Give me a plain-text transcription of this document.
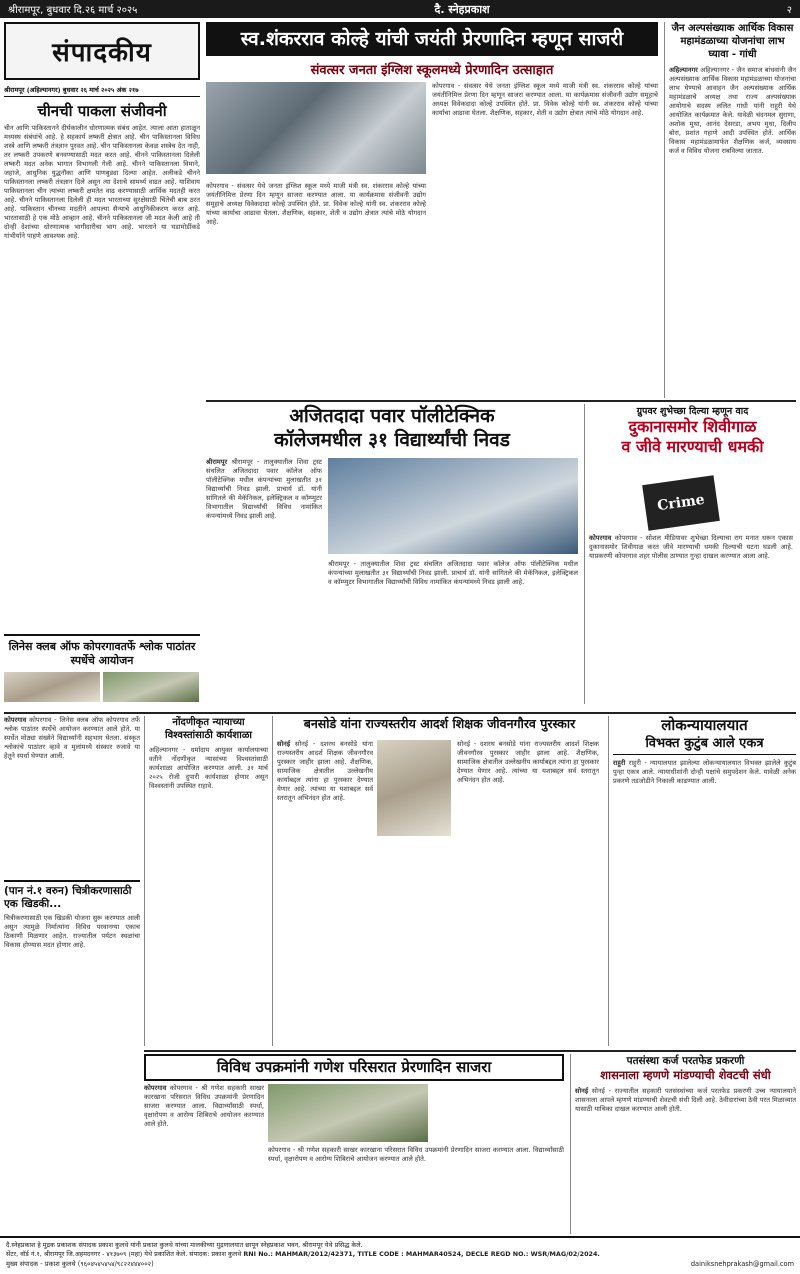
श्रीरामपूर, बुधवार दि.२६ मार्च २०२५	दै. स्नेहप्रकाश	२
संपादकीय
श्रीरामपूर (अहिल्यानगर) बुधवार २६ मार्च २०२५ अंक २१७
चीनची पाकला संजीवनी
चीन आणि पाकिस्तानने दीर्घकालीन धोरणात्मक संबंध आहेत. त्याला आता हाताळून मध्यस्थ संबंधांचे आहे. हे सहकार्य लष्करी क्षेत्रात आहे. चीन पाकिस्तानला विविध शस्त्रे आणि लष्करी तंत्रज्ञान पुरवत आहे. चीन पाकिस्तानला केवळ शस्त्रेच देत नाही, तर लष्करी उपकरणे बनवण्यासाठी मदत करत आहे. चीनने पाकिस्तानला दिलेली लष्करी मदत अनेक भागात विभागली गेली आहे. चीनने पाकिस्तानला विमाने, जहाजे, आधुनिक युद्धनौका आणि पाणबुड्या दिल्या आहेत. अलीकडे चीनने पाकिस्तानला लष्करी तंत्रज्ञान दिले असून त्या देशाचे सामर्थ्य वाढत आहे. याशिवाय पाकिस्तानला चीन त्याच्या लष्करी क्षमतेत वाढ करण्यासाठी आर्थिक मदतही करत आहे. चीनने पाकिस्तानला दिलेली ही मदत भारताच्या सुरक्षेसाठी चिंतेची बाब ठरत आहे. पाकिस्तान चीनच्या मदतीने आपल्या सैन्याचे आधुनिकीकरण करत आहे. भारतासाठी हे एक मोठे आव्हान आहे. चीनने पाकिस्तानला जी मदत केली आहे ती दोन्ही देशांच्या धोरणात्मक भागीदारीचा भाग आहे. भारताने या घडामोडींकडे गांभीर्याने पाहणे आवश्यक आहे.
लिनेस क्लब ऑफ कोपरगावतर्फे श्लोक पाठांतर स्पर्धेचे आयोजन
स्व.शंकरराव कोल्हे यांची जयंती प्रेरणादिन म्हणून साजरी
संवत्सर जनता इंग्लिश स्कूलमध्ये प्रेरणादिन उत्साहात
कोपरगाव - संवत्सर येथे जनता इंग्लिश स्कूल मध्ये माजी मंत्री स्व. शंकरराव कोल्हे यांच्या जयंतीनिमित्त प्रेरणा दिन म्हणून साजरा करण्यात आला. या कार्यक्रमास संजीवनी उद्योग समूहाचे अध्यक्ष विवेकदादा कोल्हे उपस्थित होते. प्रा. विवेक कोल्हे यांनी स्व. शंकरराव कोल्हे यांच्या कार्याचा आढावा घेतला. शैक्षणिक, सहकार, शेती व उद्योग क्षेत्रात त्यांचे मोठे योगदान आहे.
कोपरगाव - संवत्सर येथे जनता इंग्लिश स्कूल मध्ये माजी मंत्री स्व. शंकरराव कोल्हे यांच्या जयंतीनिमित्त प्रेरणा दिन म्हणून साजरा करण्यात आला. या कार्यक्रमास संजीवनी उद्योग समूहाचे अध्यक्ष विवेकदादा कोल्हे उपस्थित होते. प्रा. विवेक कोल्हे यांनी स्व. शंकरराव कोल्हे यांच्या कार्याचा आढावा घेतला. शैक्षणिक, सहकार, शेती व उद्योग क्षेत्रात त्यांचे मोठे योगदान आहे.
जैन अल्पसंख्याक आर्थिक विकास महामंडळाच्या योजनांचा लाभ घ्यावा - गांधी
अहिल्यानगर अहिल्यानगर - जैन समाज बांधवांनी जैन अल्पसंख्याक आर्थिक विकास महामंडळाच्या योजनांचा लाभ घेण्याचे आवाहन जैन अल्पसंख्याक आर्थिक महामंडळाचे अध्यक्ष तथा राज्य अल्पसंख्याक आयोगाचे सदस्य ललित गांधी यांनी राहुरी येथे आयोजित कार्यक्रमात केले. यावेळी चंदनमल सुराणा, अशोक मुथा, आनंद देसरडा, अभय मुथा, दिलीप बोरा, प्रशांत गहाणे आदी उपस्थित होते. आर्थिक विकास महामंडळामार्फत शैक्षणिक कर्ज, व्यवसाय कर्ज व विविध योजना राबविल्या जातात.
अजितदादा पवार पॉलीटेक्निक
कॉलेजमधील ३१ विद्यार्थ्यांची निवड
श्रीरामपूर श्रीरामपूर - तालुक्यातील शिवा ट्रस्ट संचलित अजितदादा पवार कॉलेज ऑफ पॉलीटेक्निक मधील कंपन्यांच्या मुलाखतीत ३१ विद्यार्थ्यांची निवड झाली. प्राचार्य डॉ. यांनी सांगितले की मेकॅनिकल, इलेक्ट्रिकल व कॉम्प्युटर विभागातील विद्यार्थ्यांची विविध नामांकित कंपन्यांमध्ये निवड झाली आहे.
श्रीरामपूर - तालुक्यातील शिवा ट्रस्ट संचलित अजितदादा पवार कॉलेज ऑफ पॉलीटेक्निक मधील कंपन्यांच्या मुलाखतीत ३१ विद्यार्थ्यांची निवड झाली. प्राचार्य डॉ. यांनी सांगितले की मेकॅनिकल, इलेक्ट्रिकल व कॉम्प्युटर विभागातील विद्यार्थ्यांची विविध नामांकित कंपन्यांमध्ये निवड झाली आहे.
ग्रुपवर शुभेच्छा दिल्या म्हणून वाद
दुकानासमोर शिवीगाळ
व जीवे मारण्याची धमकी
Crime
कोपरगाव कोपरगाव - सोशल मीडियावर शुभेच्छा दिल्याचा राग मनात धरून एकास दुकानासमोर शिवीगाळ करत जीवे मारण्याची धमकी दिल्याची घटना घडली आहे. याप्रकरणी कोपरगाव शहर पोलीस ठाण्यात गुन्हा दाखल करण्यात आला आहे.
कोपरगाव कोपरगाव - लिनेस क्लब ऑफ कोपरगाव तर्फे श्लोक पाठांतर स्पर्धेचे आयोजन करण्यात आले होते. या स्पर्धेत मोठ्या संख्येने विद्यार्थ्यांनी सहभाग घेतला. संस्कृत श्लोकांचे पाठांतर व्हावे व मुलांमध्ये संस्कार रुजावे या हेतूने स्पर्धा घेण्यात आली.
(पान नं.१ वरुन) चित्रीकरणासाठी एक खिडकी...
चित्रीकरणासाठी एक खिडकी योजना सुरू करण्यात आली असून त्यामुळे निर्मात्यांना विविध परवानग्या एकाच ठिकाणी मिळणार आहेत. राज्यातील पर्यटन स्थळांचा विकास होण्यास मदत होणार आहे.
नोंदणीकृत न्यायाच्या विश्वस्तांसाठी कार्यशाळा
अहिल्यानगर - धर्मादाय आयुक्त कार्यालयाच्या वतीने नोंदणीकृत न्यासांच्या विश्वस्तांसाठी कार्यशाळा आयोजित करण्यात आली. ३१ मार्च २०२५ रोजी दुपारी कार्यशाळा होणार असून विश्वस्तांनी उपस्थित राहावे.
बनसोडे यांना राज्यस्तरीय आदर्श शिक्षक जीवनगौरव पुरस्कार
सोनई सोनई - दशरथ बनसोडे यांना राज्यस्तरीय आदर्श शिक्षक जीवनगौरव पुरस्कार जाहीर झाला आहे. शैक्षणिक, सामाजिक क्षेत्रातील उल्लेखनीय कार्याबद्दल त्यांना हा पुरस्कार देण्यात येणार आहे. त्यांच्या या यशाबद्दल सर्व स्तरातून अभिनंदन होत आहे.
सोनई - दशरथ बनसोडे यांना राज्यस्तरीय आदर्श शिक्षक जीवनगौरव पुरस्कार जाहीर झाला आहे. शैक्षणिक, सामाजिक क्षेत्रातील उल्लेखनीय कार्याबद्दल त्यांना हा पुरस्कार देण्यात येणार आहे. त्यांच्या या यशाबद्दल सर्व स्तरातून अभिनंदन होत आहे.
लोकन्यायालयात
विभक्त कुटुंब आले एकत्र
राहुरी राहुरी - न्यायालयात झालेल्या लोकन्यायालयात विभक्त झालेले कुटुंब पुन्हा एकत्र आले. न्यायाधीशांनी दोन्ही पक्षांचे समुपदेशन केले. यावेळी अनेक प्रकरणे तडजोडीने निकाली काढण्यात आली.
विविध उपक्रमांनी गणेश परिसरात प्रेरणादिन साजरा
कोपरगाव कोपरगाव - श्री गणेश सहकारी साखर कारखाना परिसरात विविध उपक्रमांनी प्रेरणादिन साजरा करण्यात आला. विद्यार्थ्यांसाठी स्पर्धा, वृक्षारोपण व आरोग्य शिबिराचे आयोजन करण्यात आले होते.
कोपरगाव - श्री गणेश सहकारी साखर कारखाना परिसरात विविध उपक्रमांनी प्रेरणादिन साजरा करण्यात आला. विद्यार्थ्यांसाठी स्पर्धा, वृक्षारोपण व आरोग्य शिबिराचे आयोजन करण्यात आले होते.
पतसंस्था कर्ज परतफेड प्रकरणी
शासनाला म्हणणे मांडण्याची शेवटची संधी
सोनई सोनई - राज्यातील सहकारी पतसंस्थांच्या कर्ज परतफेड प्रकरणी उच्च न्यायालयाने शासनाला आपले म्हणणे मांडण्याची शेवटची संधी दिली आहे. ठेवीदारांच्या ठेवी परत मिळाव्यात यासाठी याचिका दाखल करण्यात आली होती.
दै.स्नेहप्रकाश हे मुद्रक प्रकाशक संपादक प्रकाश कुलथे यांनी प्रकाश कुलथे यांच्या मालकीच्या मुद्रणालयात छापून स्नेहप्रकाश भवन, श्रीरामपूर येथे प्रसिद्ध केले.
सेंटर, वॉर्ड नं.१, श्रीरामपूर जि.अहमदनगर - ४१३७०९ (महा) येथे प्रकाशित केले. संपादक: प्रकाश कुलथे RNI No.: MAHMAR/2012/42371, TITLE CODE : MAHMAR40524, DECLE REGD NO.: WSR/MAG/02/2024.
मुख्य संपादक - प्रकाश कुलथे (९६०४५४५४५४/९८२२४४४००२)	dainiksnehprakash@gmail.com
